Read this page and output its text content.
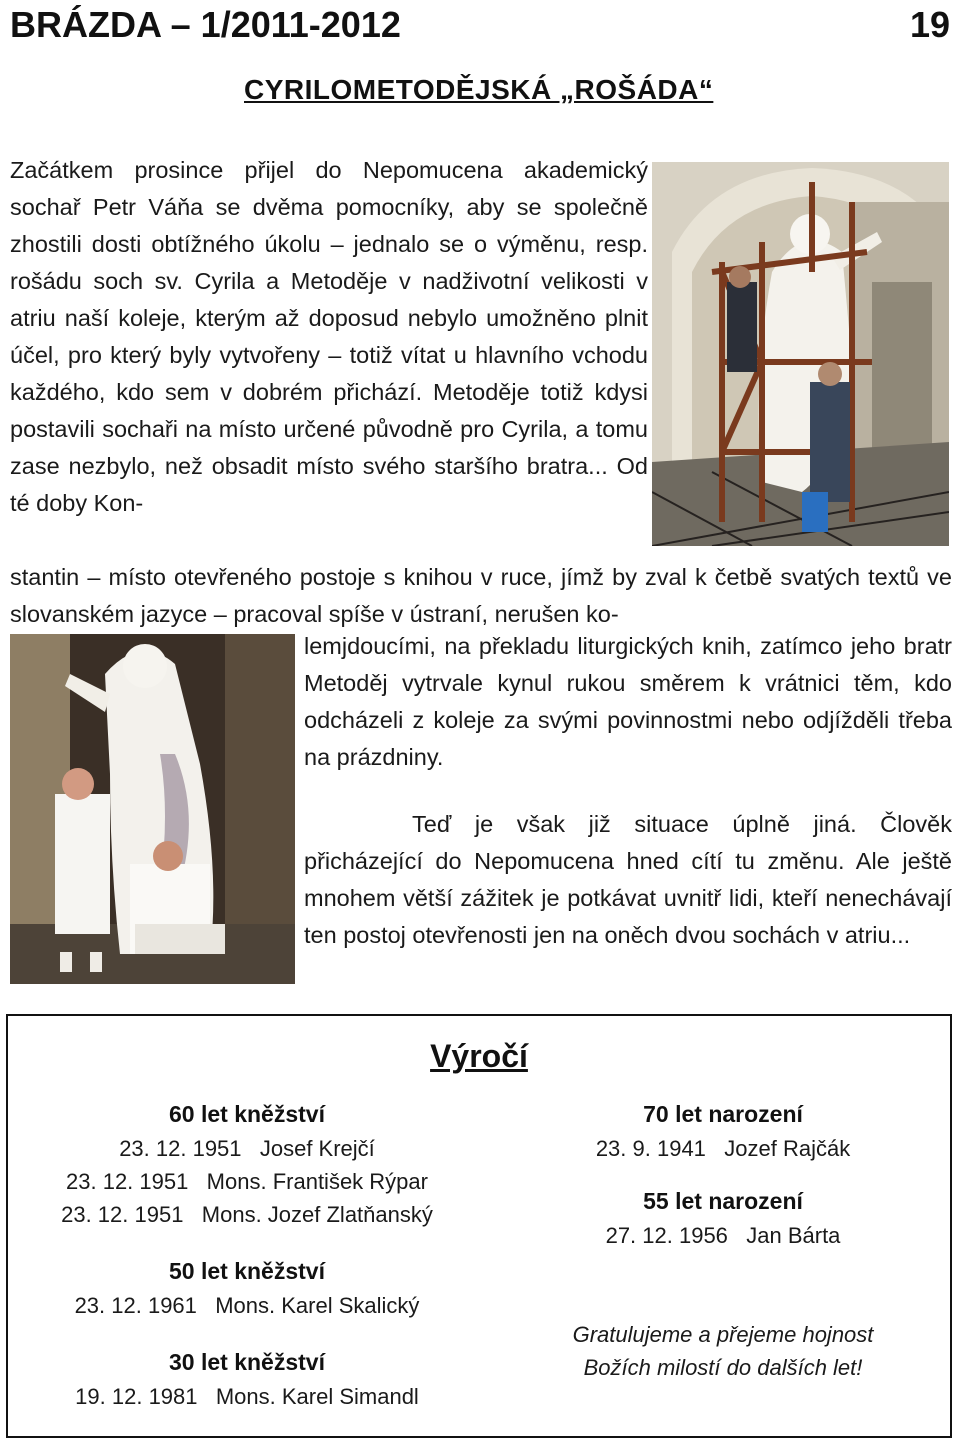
BRÁZDA – 1/2011-2012	19
CYRILOMETODĚJSKÁ „ROŠÁDA“
Začátkem prosince přijel do Nepomucena akademický sochař Petr Váňa se dvěma pomocníky, aby se společně zhostili dosti obtížného úkolu – jednalo se o výměnu, resp. rošádu soch sv. Cyrila a Metoděje v nadživotní velikosti v atriu naší koleje, kterým až doposud nebylo umožněno plnit účel, pro který byly vytvořeny – totiž vítat u hlavního vchodu každého, kdo sem v dobrém přichází. Metoděje totiž kdysi postavili sochaři na místo určené původně pro Cyrila, a tomu zase nezbylo, než obsadit místo svého staršího bratra... Od té doby Kon-
stantin – místo otevřeného postoje s knihou v ruce, jímž by zval k četbě svatých textů ve slovanském jazyce – pracoval spíše v ústraní, nerušen ko-
lemjdoucími, na překladu liturgických knih, zatímco jeho bratr Metoděj vytrvale kynul rukou směrem k vrátnici těm, kdo odcházeli z koleje za svými povinnostmi nebo odjížděli třeba na prázdniny.
Teď je však již situace úplně jiná. Člověk přicházející do Nepomucena hned cítí tu změnu. Ale ještě mnohem větší zážitek je potkávat uvnitř lidi, kteří nenechávají ten postoj otevřenosti jen na oněch dvou sochách v atriu...
Výročí
60 let kněžství
23. 12. 1951   Josef Krejčí
23. 12. 1951   Mons. František Rýpar
23. 12. 1951   Mons. Jozef Zlatňanský
50 let kněžství
23. 12. 1961   Mons. Karel Skalický
30 let kněžství
19. 12. 1981   Mons. Karel Simandl
70 let narození
23. 9. 1941   Jozef Rajčák
55 let narození
27. 12. 1956   Jan Bárta
Gratulujeme a přejeme hojnost
Božích milostí do dalších let!
